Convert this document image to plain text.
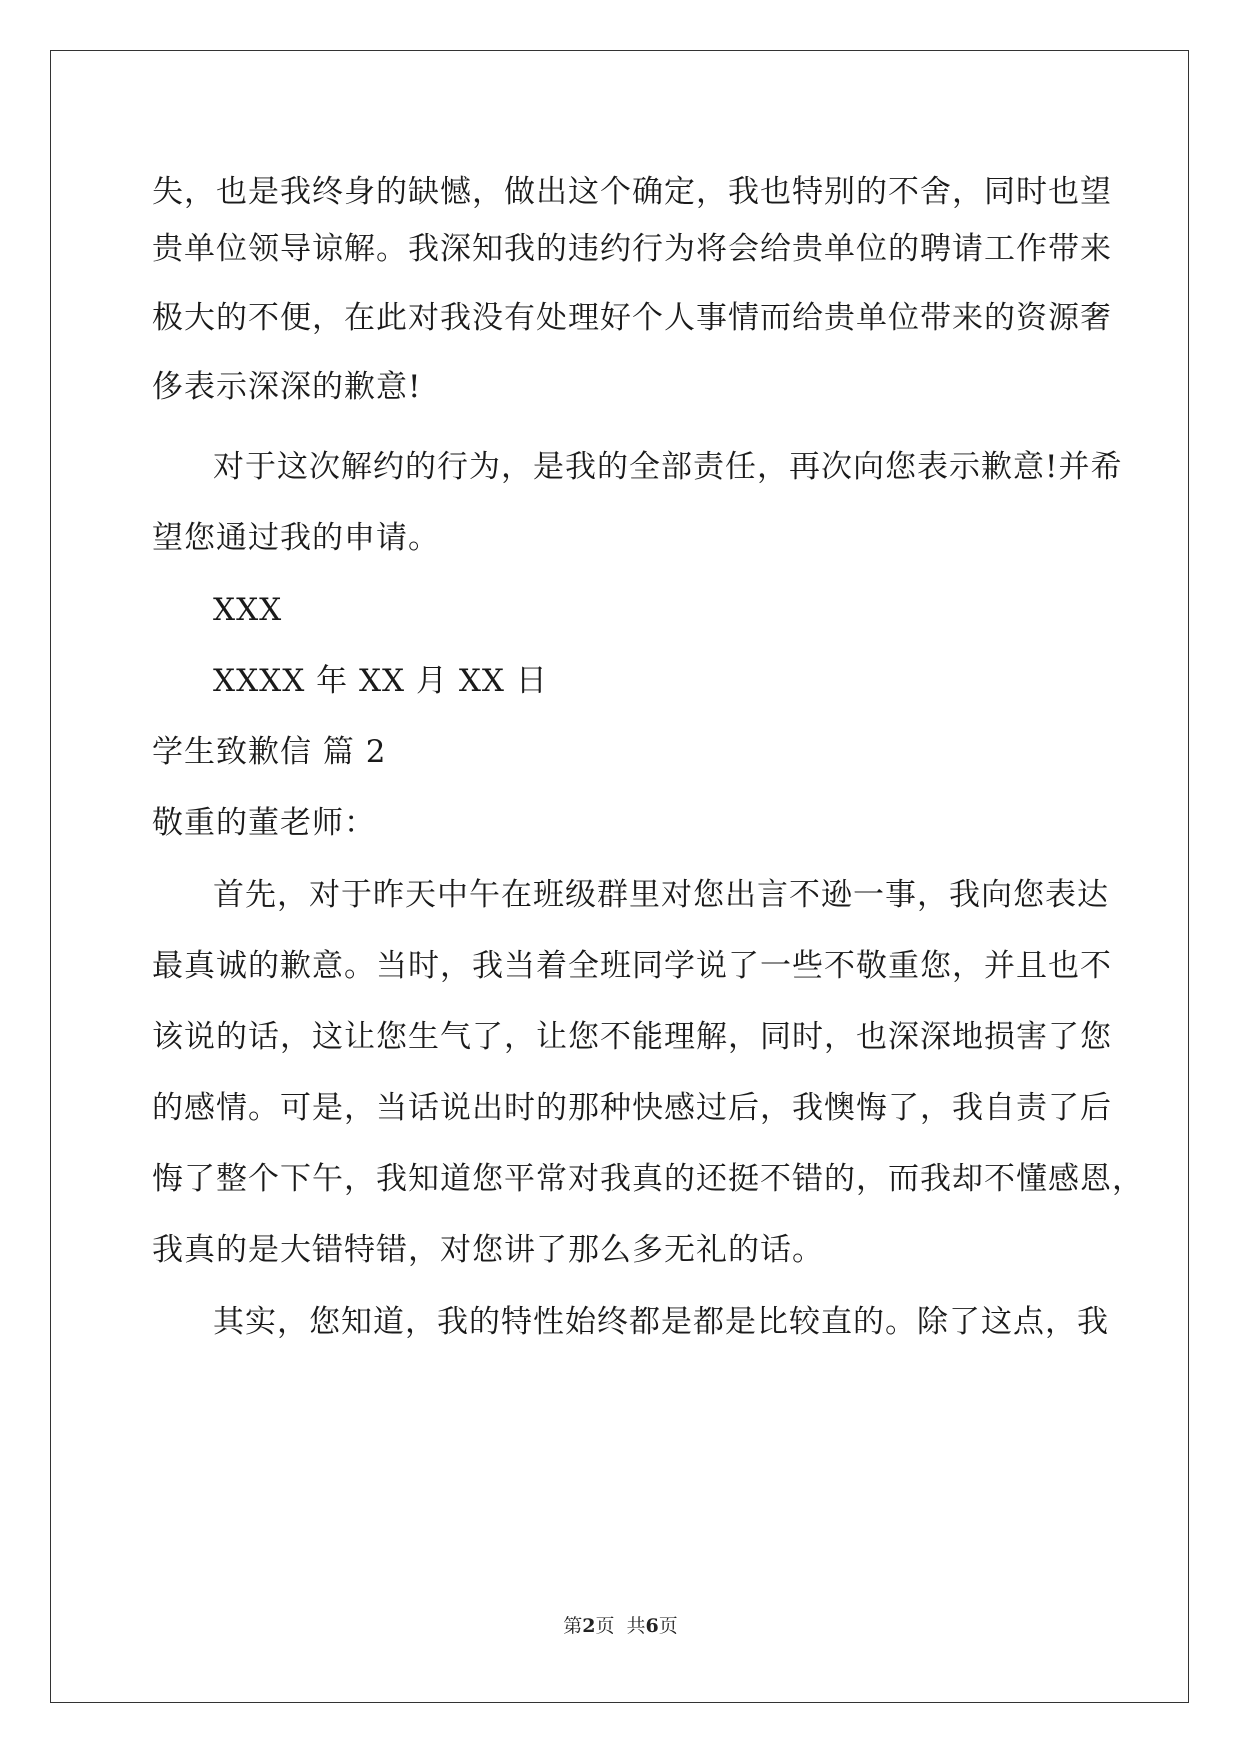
失，也是我终身的缺憾，做出这个确定，我也特别的不舍，同时也望
贵单位领导谅解。我深知我的违约行为将会给贵单位的聘请工作带来
极大的不便，在此对我没有处理好个人事情而给贵单位带来的资源奢
侈表示深深的歉意!
对于这次解约的行为，是我的全部责任，再次向您表示歉意!并希
望您通过我的申请。
XXX
XXXX 年 XX 月 XX 日
学生致歉信 篇 2
敬重的董老师：
首先，对于昨天中午在班级群里对您出言不逊一事，我向您表达
最真诚的歉意。当时，我当着全班同学说了一些不敬重您，并且也不
该说的话，这让您生气了，让您不能理解，同时，也深深地损害了您
的感情。可是，当话说出时的那种快感过后，我懊悔了，我自责了后
悔了整个下午，我知道您平常对我真的还挺不错的，而我却不懂感恩，
我真的是大错特错，对您讲了那么多无礼的话。
其实，您知道，我的特性始终都是都是比较直的。除了这点，我
第2页  共6页
